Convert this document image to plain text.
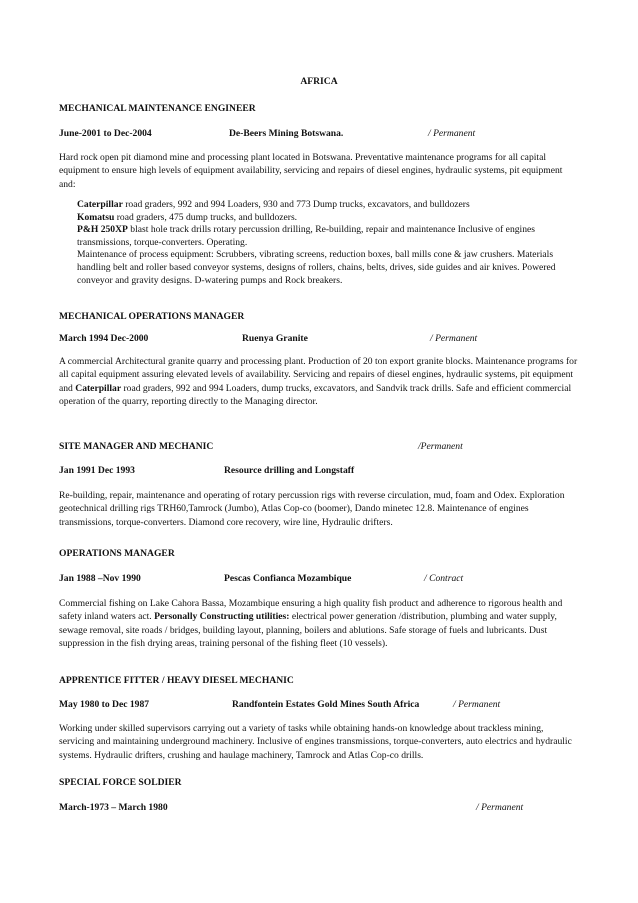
AFRICA
MECHANICAL MAINTENANCE ENGINEER
June-2001 to Dec-2004	De-Beers Mining Botswana.	/ Permanent

Hard rock open pit diamond mine and processing plant located in Botswana. Preventative maintenance programs for all capital equipment to ensure high levels of equipment availability, servicing and repairs of diesel engines, hydraulic systems, pit equipment and:

Caterpillar road graders, 992 and 994 Loaders, 930 and 773 Dump trucks, excavators, and bulldozers

Komatsu road graders, 475 dump trucks, and bulldozers.

P&H 250XP blast hole track drills rotary percussion drilling, Re-building, repair and maintenance Inclusive of engines transmissions, torque-converters. Operating.

Maintenance of process equipment: Scrubbers, vibrating screens, reduction boxes, ball mills cone & jaw crushers. Materials handling belt and roller based conveyor systems, designs of rollers, chains, belts, drives, side guides and air knives. Powered conveyor and gravity designs. D-watering pumps and Rock breakers.

MECHANICAL OPERATIONS MANAGER
March 1994 Dec-2000	Ruenya Granite	/ Permanent

A commercial Architectural granite quarry and processing plant. Production of 20 ton export granite blocks. Maintenance programs for all capital equipment assuring elevated levels of availability. Servicing and repairs of diesel engines, hydraulic systems, pit equipment and Caterpillar road graders, 992 and 994 Loaders, dump trucks, excavators, and Sandvik track drills. Safe and efficient commercial operation of the quarry, reporting directly to the Managing director.

SITE MANAGER AND MECHANIC	/Permanent
Jan 1991 Dec 1993	Resource drilling and Longstaff

Re-building, repair, maintenance and operating of rotary percussion rigs with reverse circulation, mud, foam and Odex. Exploration geotechnical drilling rigs TRH60,Tamrock (Jumbo), Atlas Cop-co (boomer), Dando minetec 12.8. Maintenance of engines transmissions, torque-converters. Diamond core recovery, wire line, Hydraulic drifters.

OPERATIONS MANAGER
Jan 1988 –Nov 1990	Pescas Confianca Mozambique	/ Contract

Commercial fishing on Lake Cahora Bassa, Mozambique ensuring a high quality fish product and adherence to rigorous health and safety inland waters act. Personally Constructing utilities: electrical power generation /distribution, plumbing and water supply, sewage removal, site roads / bridges, building layout, planning, boilers and ablutions. Safe storage of fuels and lubricants. Dust suppression in the fish drying areas, training personal of the fishing fleet (10 vessels).

APPRENTICE FITTER / HEAVY DIESEL MECHANIC
May 1980 to Dec 1987	Randfontein Estates Gold Mines South Africa	/ Permanent

Working under skilled supervisors carrying out a variety of tasks while obtaining hands-on knowledge about trackless mining, servicing and maintaining underground machinery. Inclusive of engines transmissions, torque-converters, auto electrics and hydraulic systems. Hydraulic drifters, crushing and haulage machinery, Tamrock and Atlas Cop-co drills.

SPECIAL FORCE SOLDIER
March-1973 – March 1980	/ Permanent
